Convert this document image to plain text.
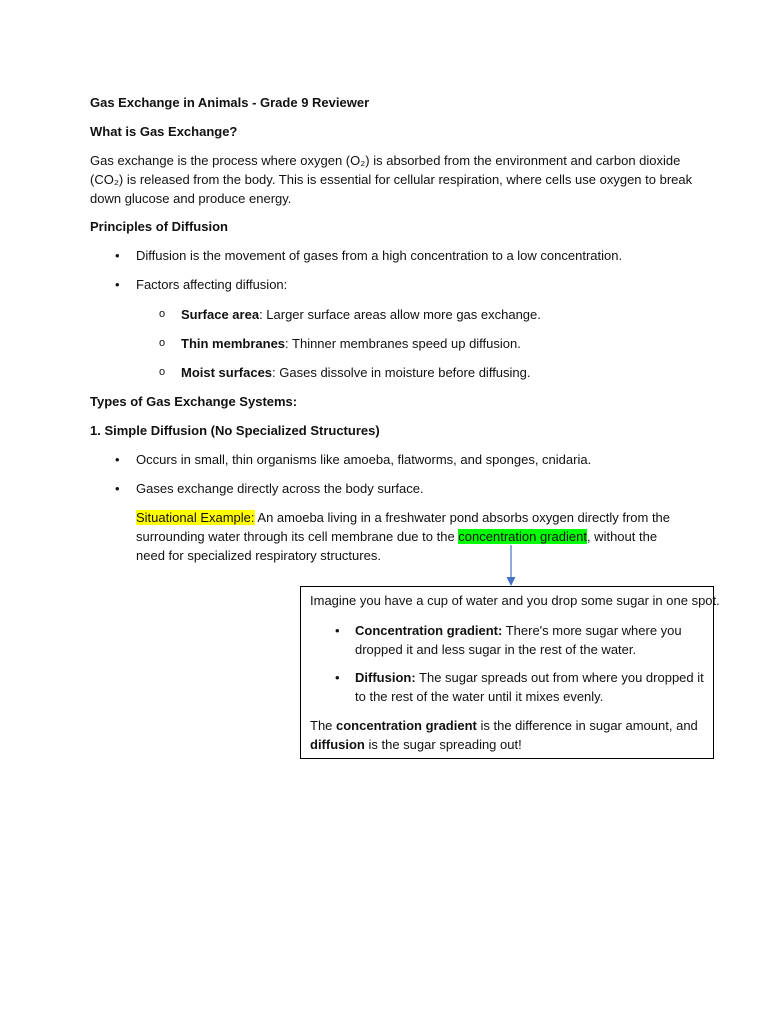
Gas Exchange in Animals - Grade 9 Reviewer

What is Gas Exchange?

Gas exchange is the process where oxygen (O₂) is absorbed from the environment and carbon dioxide

(CO₂) is released from the body. This is essential for cellular respiration, where cells use oxygen to break

down glucose and produce energy.

Principles of Diffusion

• Diffusion is the movement of gases from a high concentration to a low concentration.
• Factors affecting diffusion:
o Surface area: Larger surface areas allow more gas exchange.
o Thin membranes: Thinner membranes speed up diffusion.
o Moist surfaces: Gases dissolve in moisture before diffusing.

Types of Gas Exchange Systems:

1. Simple Diffusion (No Specialized Structures)

• Occurs in small, thin organisms like amoeba, flatworms, and sponges, cnidaria.
• Gases exchange directly across the body surface.
Situational Example: An amoeba living in a freshwater pond absorbs oxygen directly from the
surrounding water through its cell membrane due to the concentration gradient, without the
need for specialized respiratory structures.
Imagine you have a cup of water and you drop some sugar in one spot.
• Concentration gradient: There's more sugar where you
dropped it and less sugar in the rest of the water.
• Diffusion: The sugar spreads out from where you dropped it
to the rest of the water until it mixes evenly.
The concentration gradient is the difference in sugar amount, and
diffusion is the sugar spreading out!
